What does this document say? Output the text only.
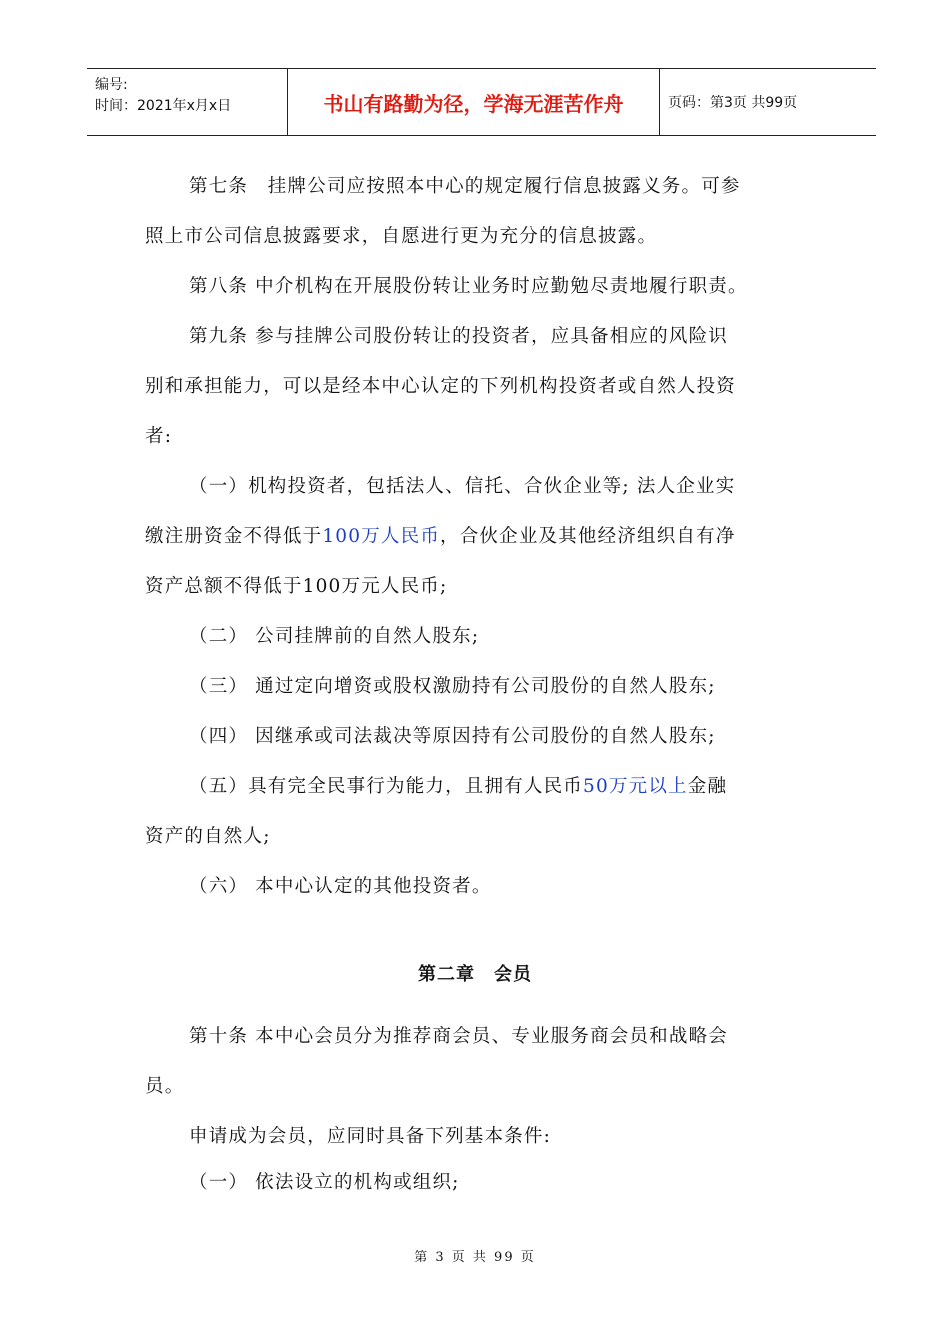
编号:
时间：2021年x月x日	书山有路勤为径，学海无涯苦作舟	页码：第3页 共99页
第七条　挂牌公司应按照本中心的规定履行信息披露义务。可参
照上市公司信息披露要求，自愿进行更为充分的信息披露。
第八条 中介机构在开展股份转让业务时应勤勉尽责地履行职责。
第九条 参与挂牌公司股份转让的投资者，应具备相应的风险识
别和承担能力，可以是经本中心认定的下列机构投资者或自然人投资
者:
（一）机构投资者，包括法人、信托、合伙企业等; 法人企业实
缴注册资金不得低于100万人民币，合伙企业及其他经济组织自有净
资产总额不得低于100万元人民币;
（二） 公司挂牌前的自然人股东;
（三） 通过定向增资或股权激励持有公司股份的自然人股东;
（四） 因继承或司法裁决等原因持有公司股份的自然人股东;
（五）具有完全民事行为能力，且拥有人民币50万元以上金融
资产的自然人;
（六） 本中心认定的其他投资者。
第二章　会员
第十条 本中心会员分为推荐商会员、专业服务商会员和战略会
员。
申请成为会员，应同时具备下列基本条件:
（一） 依法设立的机构或组织;
第 3 页 共 99 页
